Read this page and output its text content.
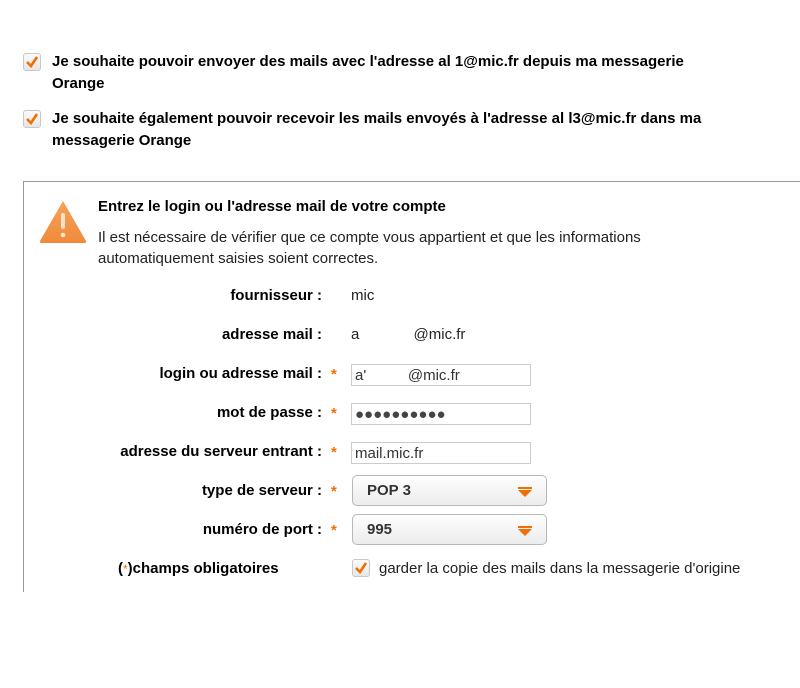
Je souhaite pouvoir envoyer des mails avec l'adresse al 1@mic.fr depuis ma messagerie
Orange
Je souhaite également pouvoir recevoir les mails envoyés à l'adresse al l3@mic.fr dans ma
messagerie Orange
Entrez le login ou l'adresse mail de votre compte
Il est nécessaire de vérifier que ce compte vous appartient et que les informations
automatiquement saisies soient correctes.
fournisseur : mic
adresse mail : a             @mic.fr
login ou adresse mail : *
a' @mic.fr
mot de passe : *
●●●●●●●●●●
adresse du serveur entrant : *
mail.mic.fr
type de serveur : * POP 3
numéro de port : * 995
(*)champs obligatoires	garder la copie des mails dans la messagerie d'origine
